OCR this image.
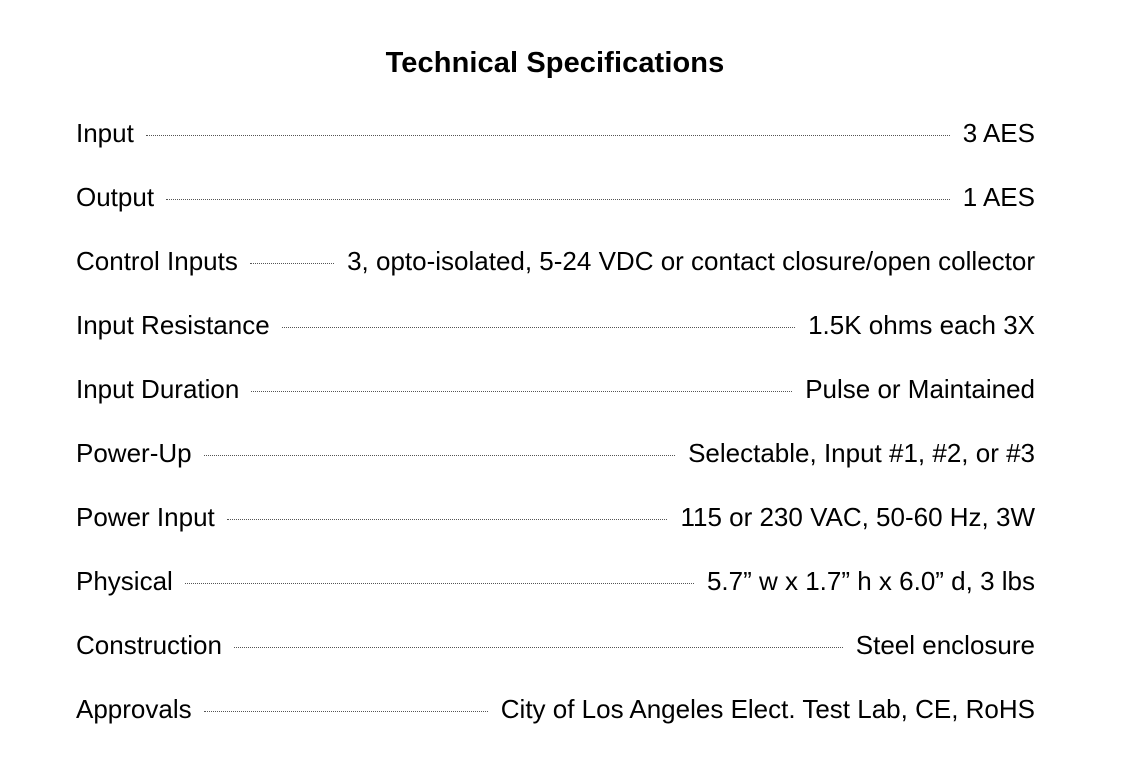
Technical Specifications
Input	3 AES
Output	1 AES
Control Inputs	3, opto-isolated, 5-24 VDC or contact closure/open collector
Input Resistance	1.5K ohms each 3X
Input Duration	Pulse or Maintained
Power-Up	Selectable, Input #1, #2, or #3
Power Input	115 or 230 VAC, 50-60 Hz, 3W
Physical	5.7” w x 1.7” h x 6.0” d, 3 lbs
Construction	Steel enclosure
Approvals	City of Los Angeles Elect. Test Lab, CE, RoHS
